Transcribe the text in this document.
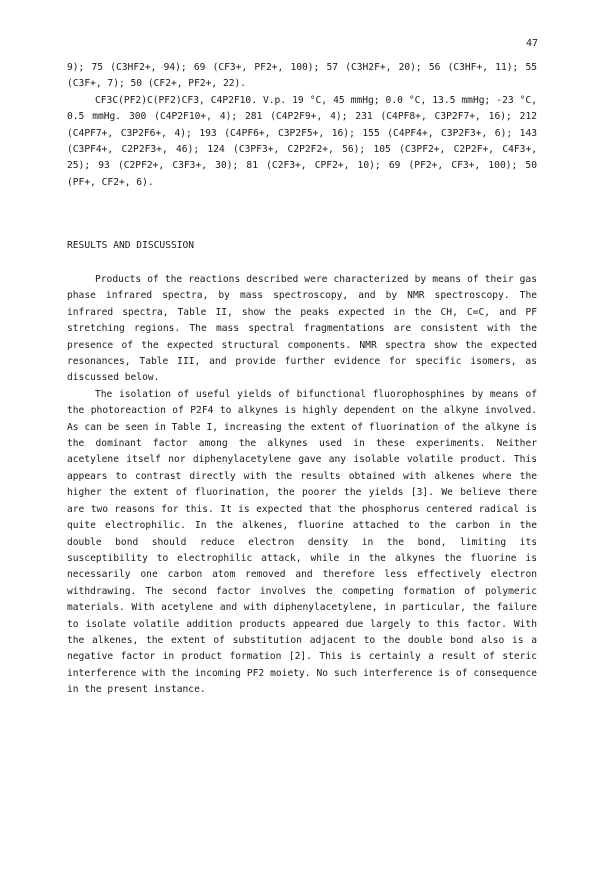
47

9); 75 (C3HF2+, 94); 69 (CF3+, PF2+, 100); 57 (C3H2F+, 20); 56 (C3HF+, 11); 55 (C3F+, 7); 50 (CF2+, PF2+, 22).

CF3C(PF2)C(PF2)CF3, C4P2F10. V.p. 19 °C, 45 mmHg; 0.0 °C, 13.5 mmHg; -23 °C, 0.5 mmHg. 300 (C4P2F10+, 4); 281 (C4P2F9+, 4); 231 (C4PF8+, C3P2F7+, 16); 212 (C4PF7+, C3P2F6+, 4); 193 (C4PF6+, C3P2F5+, 16); 155 (C4PF4+, C3P2F3+, 6); 143 (C3PF4+, C2P2F3+, 46); 124 (C3PF3+, C2P2F2+, 56); 105 (C3PF2+, C2P2F+, C4F3+, 25); 93 (C2PF2+, C3F3+, 30); 81 (C2F3+, CPF2+, 10); 69 (PF2+, CF3+, 100); 50 (PF+, CF2+, 6).

RESULTS AND DISCUSSION

Products of the reactions described were characterized by means of their gas phase infrared spectra, by mass spectroscopy, and by NMR spectroscopy. The infrared spectra, Table II, show the peaks expected in the CH, C=C, and PF stretching regions. The mass spectral fragmentations are consistent with the presence of the expected structural components. NMR spectra show the expected resonances, Table III, and provide further evidence for specific isomers, as discussed below.

The isolation of useful yields of bifunctional fluorophosphines by means of the photoreaction of P2F4 to alkynes is highly dependent on the alkyne involved. As can be seen in Table I, increasing the extent of fluorination of the alkyne is the dominant factor among the alkynes used in these experiments. Neither acetylene itself nor diphenylacetylene gave any isolable volatile product. This appears to contrast directly with the results obtained with alkenes where the higher the extent of fluorination, the poorer the yields [3]. We believe there are two reasons for this. It is expected that the phosphorus centered radical is quite electrophilic. In the alkenes, fluorine attached to the carbon in the double bond should reduce electron density in the bond, limiting its susceptibility to electrophilic attack, while in the alkynes the fluorine is necessarily one carbon atom removed and therefore less effectively electron withdrawing. The second factor involves the competing formation of polymeric materials. With acetylene and with diphenylacetylene, in particular, the failure to isolate volatile addition products appeared due largely to this factor. With the alkenes, the extent of substitution adjacent to the double bond also is a negative factor in product formation [2]. This is certainly a result of steric interference with the incoming PF2 moiety. No such interference is of consequence in the present instance.
